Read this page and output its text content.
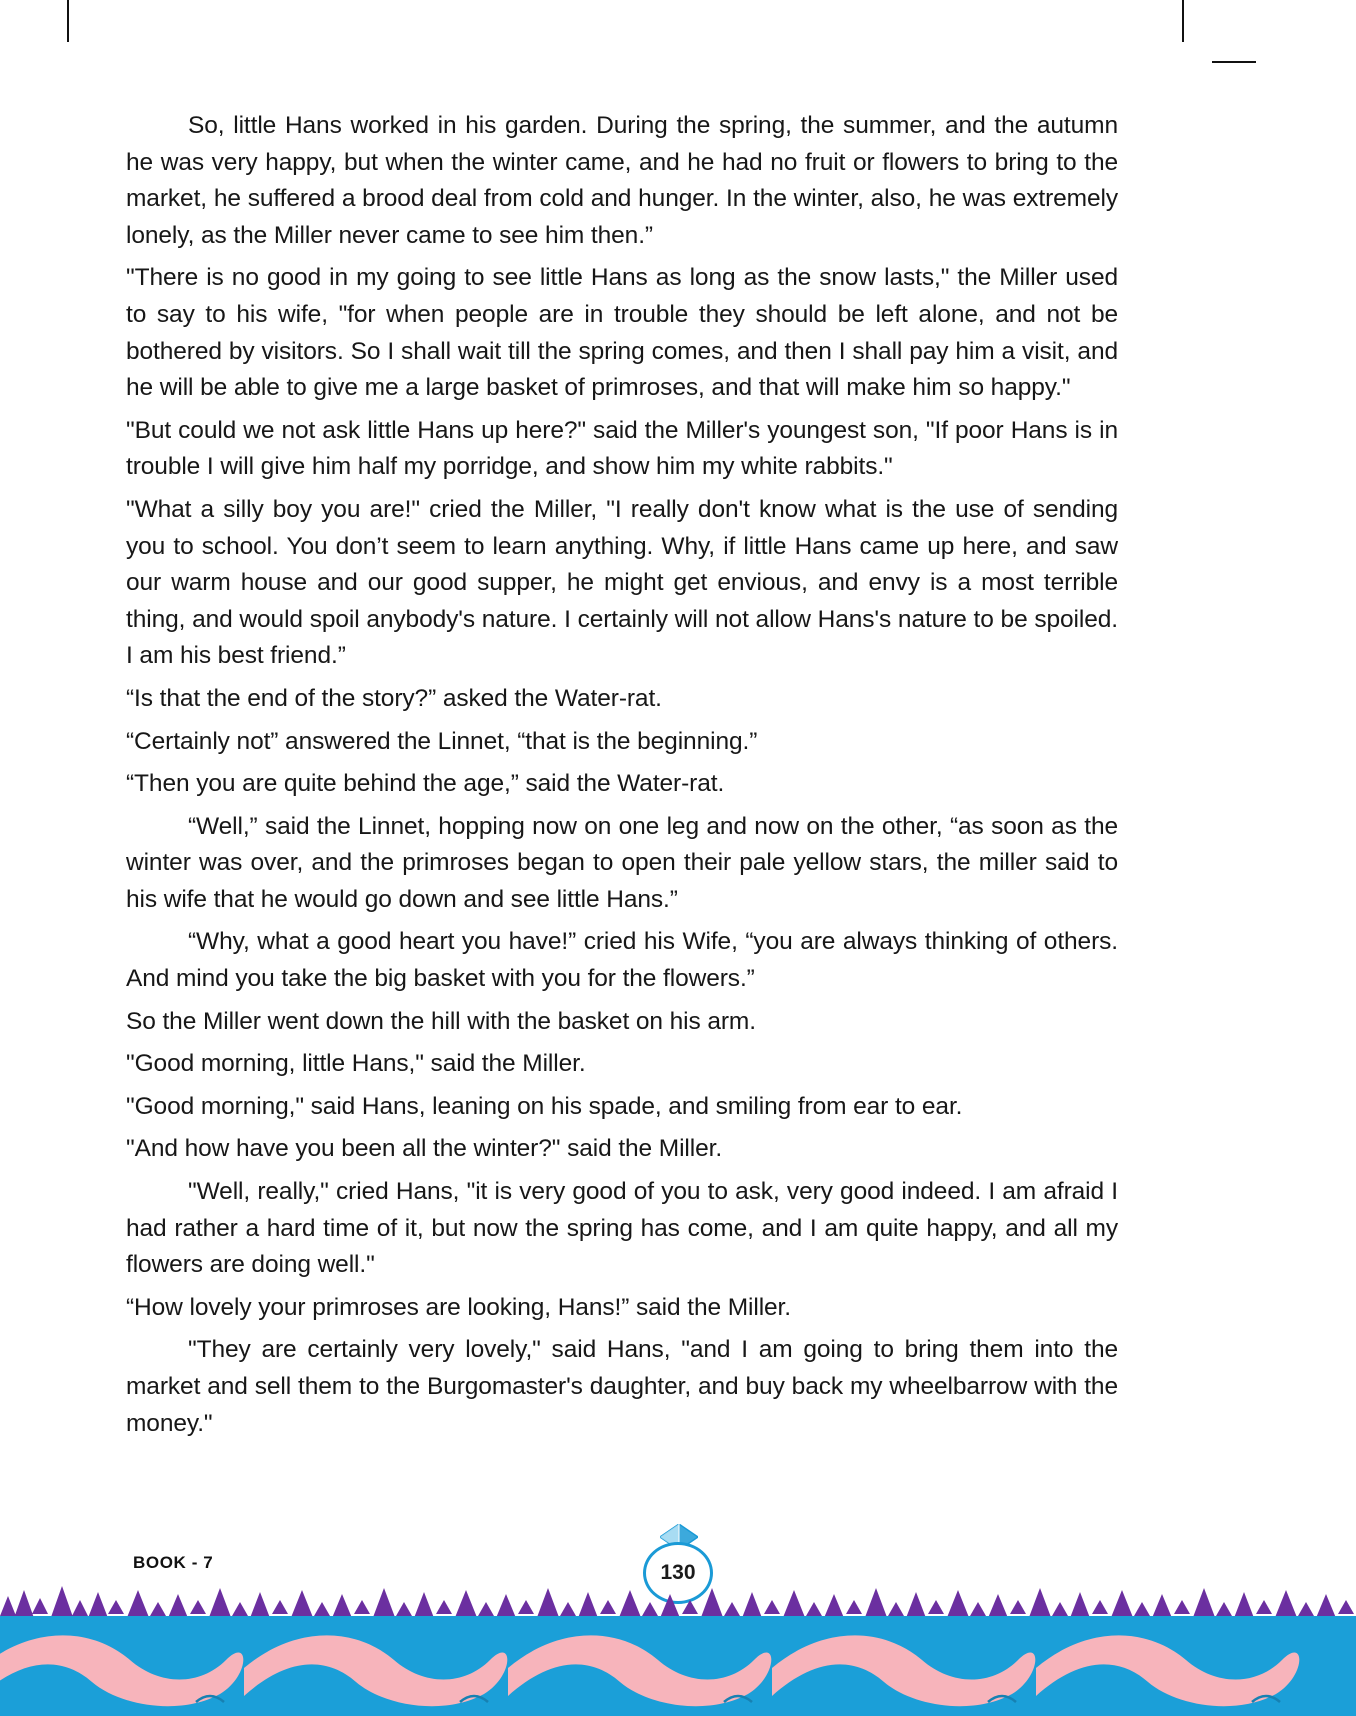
So, little Hans worked in his garden. During the spring, the summer, and the autumn he was very happy, but when the winter came, and he had no fruit or flowers to bring to the market, he suffered a brood deal from cold and hunger. In the winter, also, he was extremely lonely, as the Miller never came to see him then.”

"There is no good in my going to see little Hans as long as the snow lasts," the Miller used to say to his wife, "for when people are in trouble they should be left alone, and not be bothered by visitors. So I shall wait till the spring comes, and then I shall pay him a visit, and he will be able to give me a large basket of primroses, and that will make him so happy."

"But could we not ask little Hans up here?" said the Miller's youngest son, "If poor Hans is in trouble I will give him half my porridge, and show him my white rabbits."

"What a silly boy you are!" cried the Miller, "I really don't know what is the use of sending you to school. You don’t seem to learn anything. Why, if little Hans came up here, and saw our warm house and our good supper, he might get envious, and envy is a most terrible thing, and would spoil anybody's nature. I certainly will not allow Hans's nature to be spoiled. I am his best friend.”

“Is that the end of the story?” asked the Water-rat.

“Certainly not” answered the Linnet, “that is the beginning.”

“Then you are quite behind the age,” said the Water-rat.

“Well,” said the Linnet, hopping now on one leg and now on the other, “as soon as the winter was over, and the primroses began to open their pale yellow stars, the miller said to his wife that he would go down and see little Hans.”

“Why, what a good heart you have!” cried his Wife, “you are always thinking of others. And mind you take the big basket with you for the flowers.”

So the Miller went down the hill with the basket on his arm.

"Good morning, little Hans," said the Miller.

"Good morning," said Hans, leaning on his spade, and smiling from ear to ear.

"And how have you been all the winter?" said the Miller.

"Well, really," cried Hans, "it is very good of you to ask, very good indeed. I am afraid I had rather a hard time of it, but now the spring has come, and I am quite happy, and all my flowers are doing well."

“How lovely your primroses are looking, Hans!” said the Miller.

"They are certainly very lovely," said Hans, "and I am going to bring them into the market and sell them to the Burgomaster's daughter, and buy back my wheelbarrow with the money."

BOOK - 7	130
